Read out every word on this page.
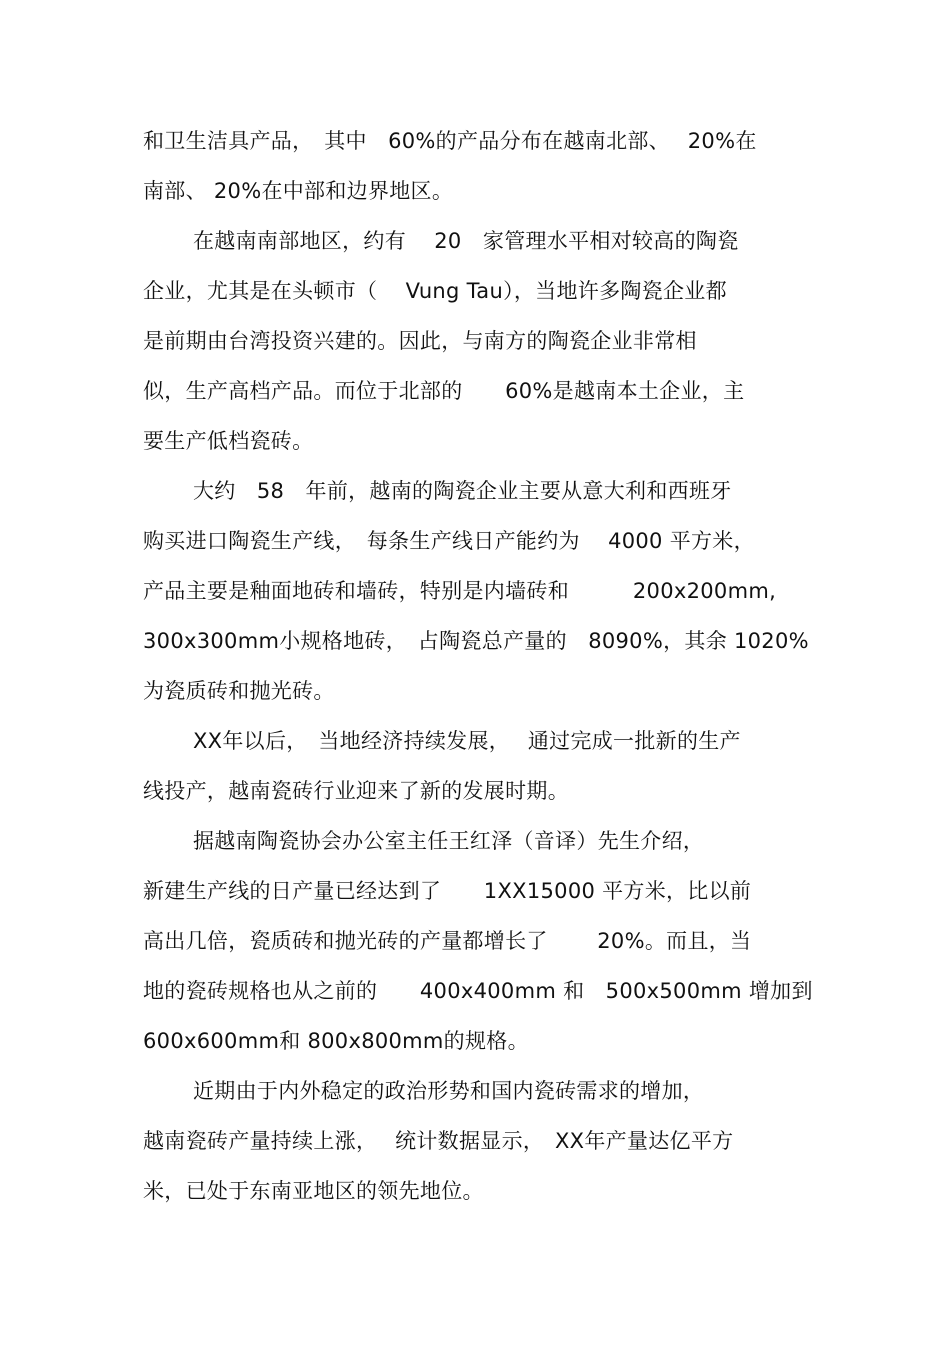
和卫生洁具产品，　其中　60%的产品分布在越南北部、　 20%在
南部、 20%在中部和边界地区。
在越南南部地区，约有　 20　家管理水平相对较高的陶瓷
企业，尤其是在头顿市（　 Vung Tau），当地许多陶瓷企业都
是前期由台湾投资兴建的。因此，与南方的陶瓷企业非常相
似，生产高档产品。而位于北部的　　60%是越南本土企业，主
要生产低档瓷砖。
大约　58　年前，越南的陶瓷企业主要从意大利和西班牙
购买进口陶瓷生产线，　每条生产线日产能约为　 4000 平方米，
产品主要是釉面地砖和墙砖，特别是内墙砖和　　　200x200mm,
300x300mm小规格地砖，　占陶瓷总产量的　8090%，其余 1020%
为瓷质砖和抛光砖。
XX年以后，　当地经济持续发展，　 通过完成一批新的生产
线投产，越南瓷砖行业迎来了新的发展时期。
据越南陶瓷协会办公室主任王红泽（音译）先生介绍，
新建生产线的日产量已经达到了　　1XX15000 平方米，比以前
高出几倍，瓷质砖和抛光砖的产量都增长了　　 20%。而且，当
地的瓷砖规格也从之前的　　400x400mm 和　500x500mm 增加到
600x600mm和 800x800mm的规格。
近期由于内外稳定的政治形势和国内瓷砖需求的增加，
越南瓷砖产量持续上涨，　 统计数据显示，　XX年产量达亿平方
米，已处于东南亚地区的领先地位。
